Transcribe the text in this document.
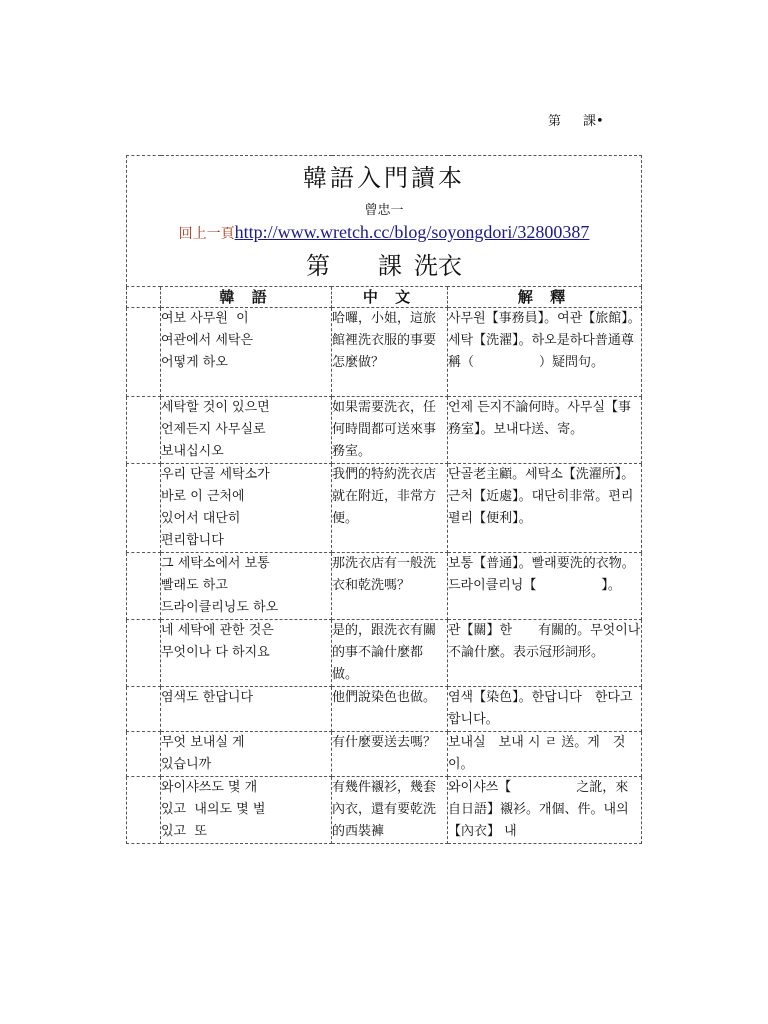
第 課•
韓語入門讀本
曾忠一
回上一頁http://www.wretch.cc/blog/soyongdori/32800387
第 課 洗衣			

	韓 語	中 文	解 釋
	여보 사무원  이
여관에서 세탁은
어떻게 하오	哈囉，小姐，這旅館裡洗衣服的事要怎麼做？	사무원【事務員】。여관【旅館】。세탁【洗濯】。하오是하다普通尊稱（　　　　　）疑問句。
	세탁할 것이 있으면
언제든지 사무실로
보내십시오	如果需要洗衣，任何時間都可送來事務室。	언제 든지不論何時。사무실【事務室】。보내다送、寄。
	우리 단골 세탁소가
바로 이 근처에
있어서 대단히
편리합니다	我們的特約洗衣店就在附近，非常方便。	단골老主顧。세탁소【洗濯所】。근처【近處】。대단히非常。편리 펼리【便利】。
	그 세탁소에서 보통
빨래도 하고
드라이클리닝도 하오	那洗衣店有一般洗衣和乾洗嗎？	보통【普通】。빨래要洗的衣物。드라이클리닝【　　　　　】。
	네 세탁에 관한 것은
무엇이나 다 하지요	是的，跟洗衣有關的事不論什麼都做。	관【關】한　　有關的。무엇이나不論什麼。表示冠形詞形。
	염색도 한답니다	他們說染色也做。	염색【染色】。한답니다　한다고 합니다。
	무엇 보내실 게
있습니까	有什麼要送去嗎？	보내실　보내 시 ㄹ 送。게　것이。
	와이샤쓰도 몇 개
있고  내의도 몇 벌
있고  또	有幾件襯衫，幾套內衣，還有要乾洗的西裝褲	와이샤쓰【　　　　　之訛，來自日語】襯衫。개個、件。내의【內衣】 내
